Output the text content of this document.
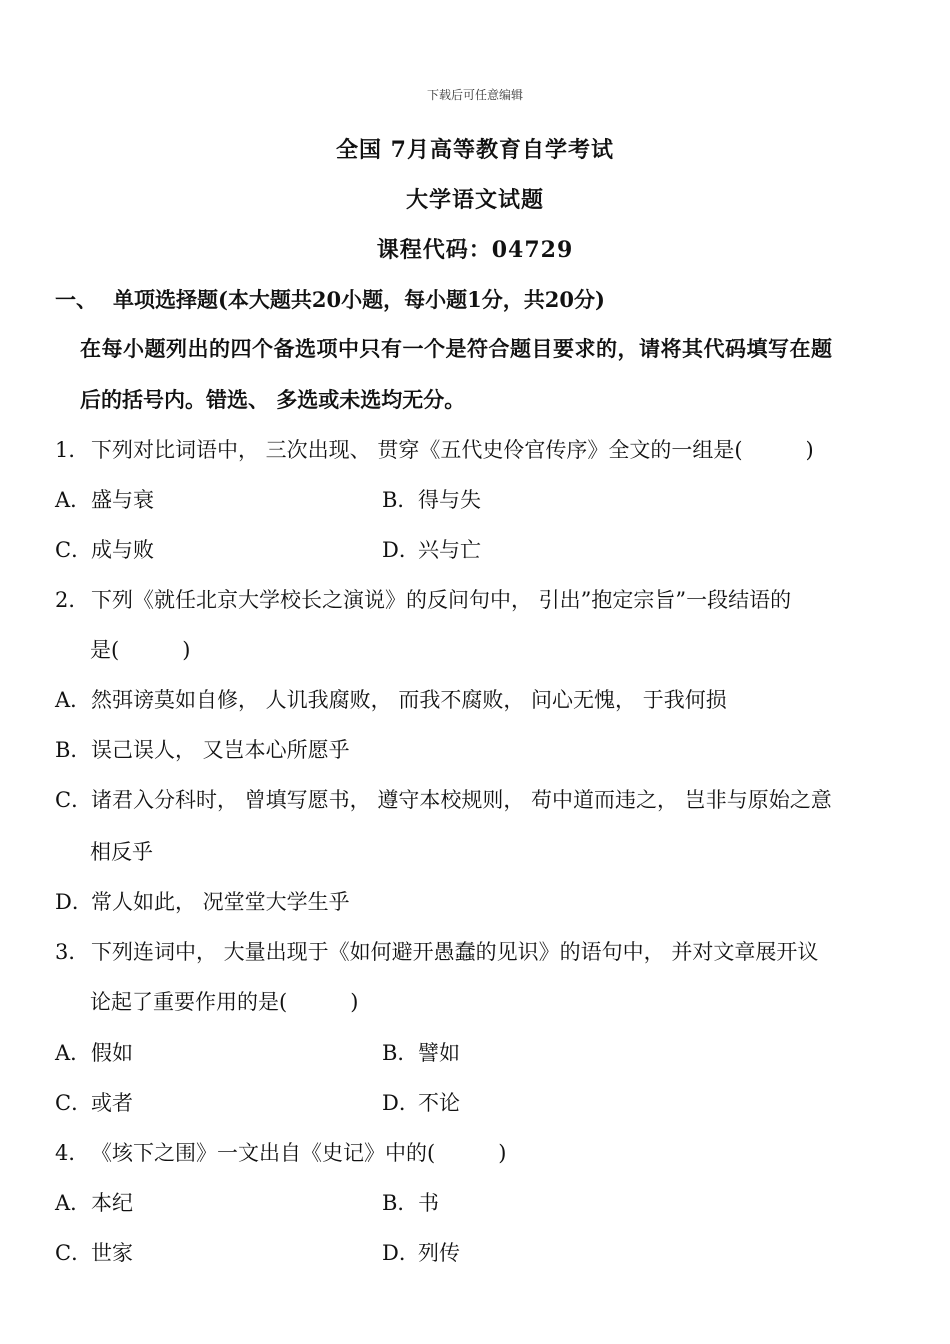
下载后可任意编辑
全国 7月高等教育自学考试
大学语文试题
课程代码：04729
一、 单项选择题(本大题共20小题，每小题1分，共20分)
在每小题列出的四个备选项中只有一个是符合题目要求的，请将其代码填写在题
后的括号内。错选、 多选或未选均无分。
1．下列对比词语中， 三次出现、 贯穿《五代史伶官传序》全文的一组是(　　　)
A．盛与衰	B．得与失
C．成与败	D．兴与亡
2．下列《就任北京大学校长之演说》的反问句中， 引出”抱定宗旨”一段结语的
是(　　　)
A．然弭谤莫如自修， 人讥我腐败， 而我不腐败， 问心无愧， 于我何损
B．误己误人， 又岂本心所愿乎
C．诸君入分科时， 曾填写愿书， 遵守本校规则， 苟中道而违之， 岂非与原始之意
相反乎
D．常人如此， 况堂堂大学生乎
3．下列连词中， 大量出现于《如何避开愚蠢的见识》的语句中， 并对文章展开议
论起了重要作用的是(　　　)
A．假如	B．譬如
C．或者	D．不论
4．《垓下之围》一文出自《史记》中的(　　　)
A．本纪	B．书
C．世家	D．列传
